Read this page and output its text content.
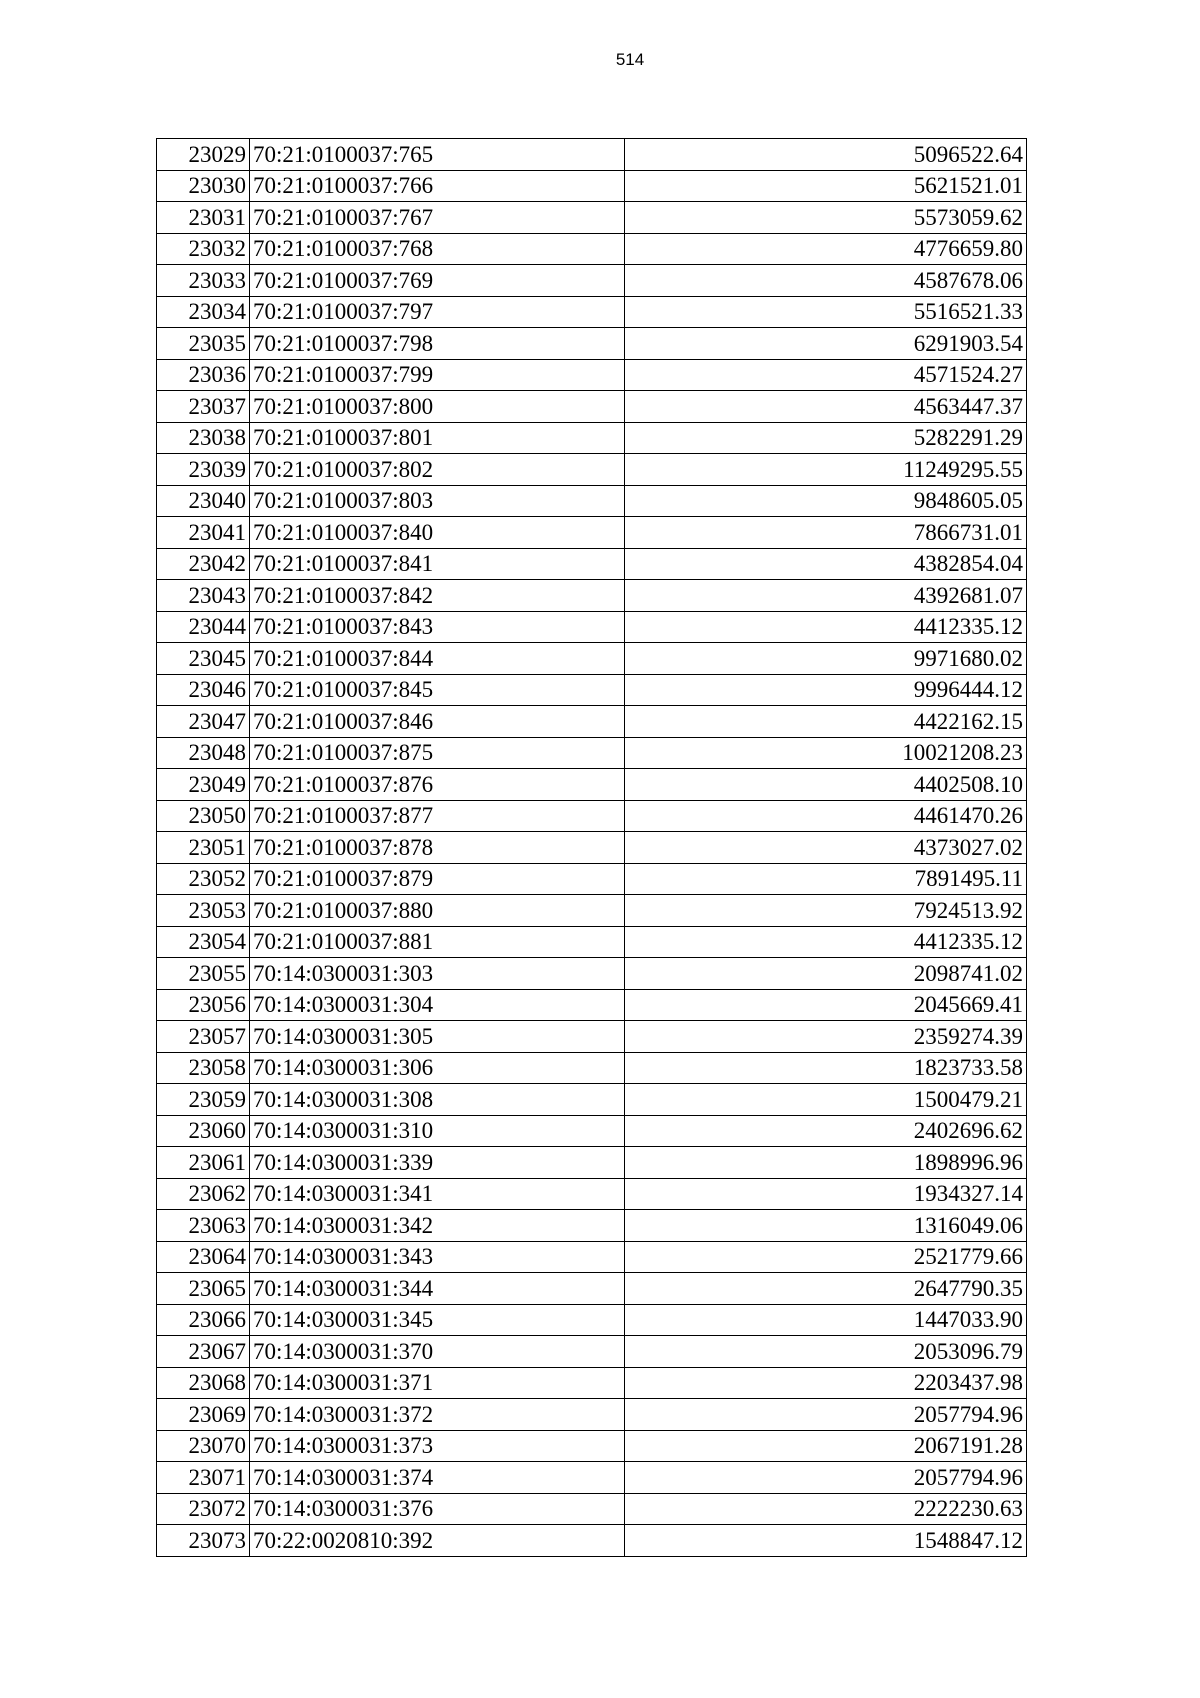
514
23029	70:21:0100037:765	5096522.64
23030	70:21:0100037:766	5621521.01
23031	70:21:0100037:767	5573059.62
23032	70:21:0100037:768	4776659.80
23033	70:21:0100037:769	4587678.06
23034	70:21:0100037:797	5516521.33
23035	70:21:0100037:798	6291903.54
23036	70:21:0100037:799	4571524.27
23037	70:21:0100037:800	4563447.37
23038	70:21:0100037:801	5282291.29
23039	70:21:0100037:802	11249295.55
23040	70:21:0100037:803	9848605.05
23041	70:21:0100037:840	7866731.01
23042	70:21:0100037:841	4382854.04
23043	70:21:0100037:842	4392681.07
23044	70:21:0100037:843	4412335.12
23045	70:21:0100037:844	9971680.02
23046	70:21:0100037:845	9996444.12
23047	70:21:0100037:846	4422162.15
23048	70:21:0100037:875	10021208.23
23049	70:21:0100037:876	4402508.10
23050	70:21:0100037:877	4461470.26
23051	70:21:0100037:878	4373027.02
23052	70:21:0100037:879	7891495.11
23053	70:21:0100037:880	7924513.92
23054	70:21:0100037:881	4412335.12
23055	70:14:0300031:303	2098741.02
23056	70:14:0300031:304	2045669.41
23057	70:14:0300031:305	2359274.39
23058	70:14:0300031:306	1823733.58
23059	70:14:0300031:308	1500479.21
23060	70:14:0300031:310	2402696.62
23061	70:14:0300031:339	1898996.96
23062	70:14:0300031:341	1934327.14
23063	70:14:0300031:342	1316049.06
23064	70:14:0300031:343	2521779.66
23065	70:14:0300031:344	2647790.35
23066	70:14:0300031:345	1447033.90
23067	70:14:0300031:370	2053096.79
23068	70:14:0300031:371	2203437.98
23069	70:14:0300031:372	2057794.96
23070	70:14:0300031:373	2067191.28
23071	70:14:0300031:374	2057794.96
23072	70:14:0300031:376	2222230.63
23073	70:22:0020810:392	1548847.12
